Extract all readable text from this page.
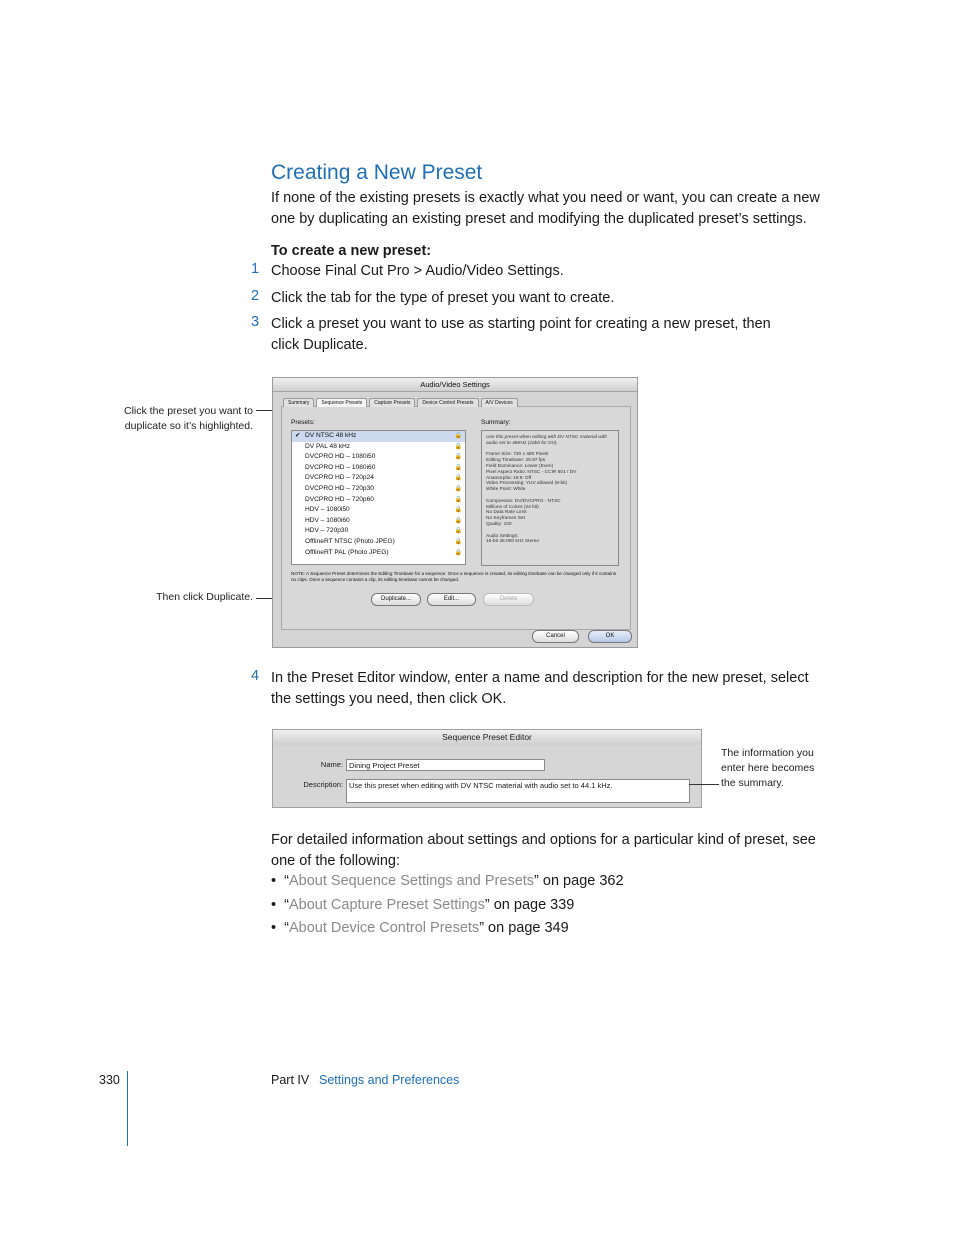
Creating a New Preset
If none of the existing presets is exactly what you need or want, you can create a new one by duplicating an existing preset and modifying the duplicated preset’s settings.
To create a new preset:
1 Choose Final Cut Pro > Audio/Video Settings.
2 Click the tab for the type of preset you want to create.
3 Click a preset you want to use as starting point for creating a new preset, then click Duplicate.
Click the preset you want to duplicate so it’s highlighted.
Then click Duplicate.
Audio/Video Settings
Summary	Sequence Presets	Capture Presets	Device Control Presets	A/V Devices
Presets:	Summary:
✔ DV NTSC 48 kHz	🔒
DV PAL 48 kHz	🔒
DVCPRO HD – 1080i50	🔒
DVCPRO HD – 1080i60	🔒
DVCPRO HD – 720p24	🔒
DVCPRO HD – 720p30	🔒
DVCPRO HD – 720p60	🔒
HDV – 1080i50	🔒
HDV – 1080i60	🔒
HDV – 720p30	🔒
OfflineRT NTSC (Photo JPEG)	🔒
OfflineRT PAL (Photo JPEG)	🔒
Use this preset when editing with DV NTSC material with audio set to 48KHz (16bit for DV).
Frame Size: 720 x 480 Pixels
Editing Timebase: 29.97 fps
Field Dominance: Lower (Even)
Pixel Aspect Ratio: NTSC - CCIR 601 / DV
Anamorphic 16:9: Off
Video Processing: YUV allowed (8-bit)
White Point: White
Compressor: DV/DVCPRO - NTSC
Millions of Colors (24 bit)
No Data Rate Limit
No Keyframes Set
Quality: 100
Audio Settings:
16-bit 48.000 kHz Stereo
NOTE: A Sequence Preset determines the Editing Timebase for a sequence. Once a sequence is created, its editing timebase can be changed only if it contains no clips. Once a sequence contains a clip, its editing timebase cannot be changed.
Duplicate...	Edit...	Delete
Cancel	OK
4 In the Preset Editor window, enter a name and description for the new preset, select the settings you need, then click OK.
Sequence Preset Editor
Name: Dining Project Preset
Description: Use this preset when editing with DV NTSC material with audio set to 44.1 kHz.
The information you enter here becomes the summary.
For detailed information about settings and options for a particular kind of preset, see one of the following:
• “About Sequence Settings and Presets” on page 362
• “About Capture Preset Settings” on page 339
• “About Device Control Presets” on page 349
330	Part IV Settings and Preferences
